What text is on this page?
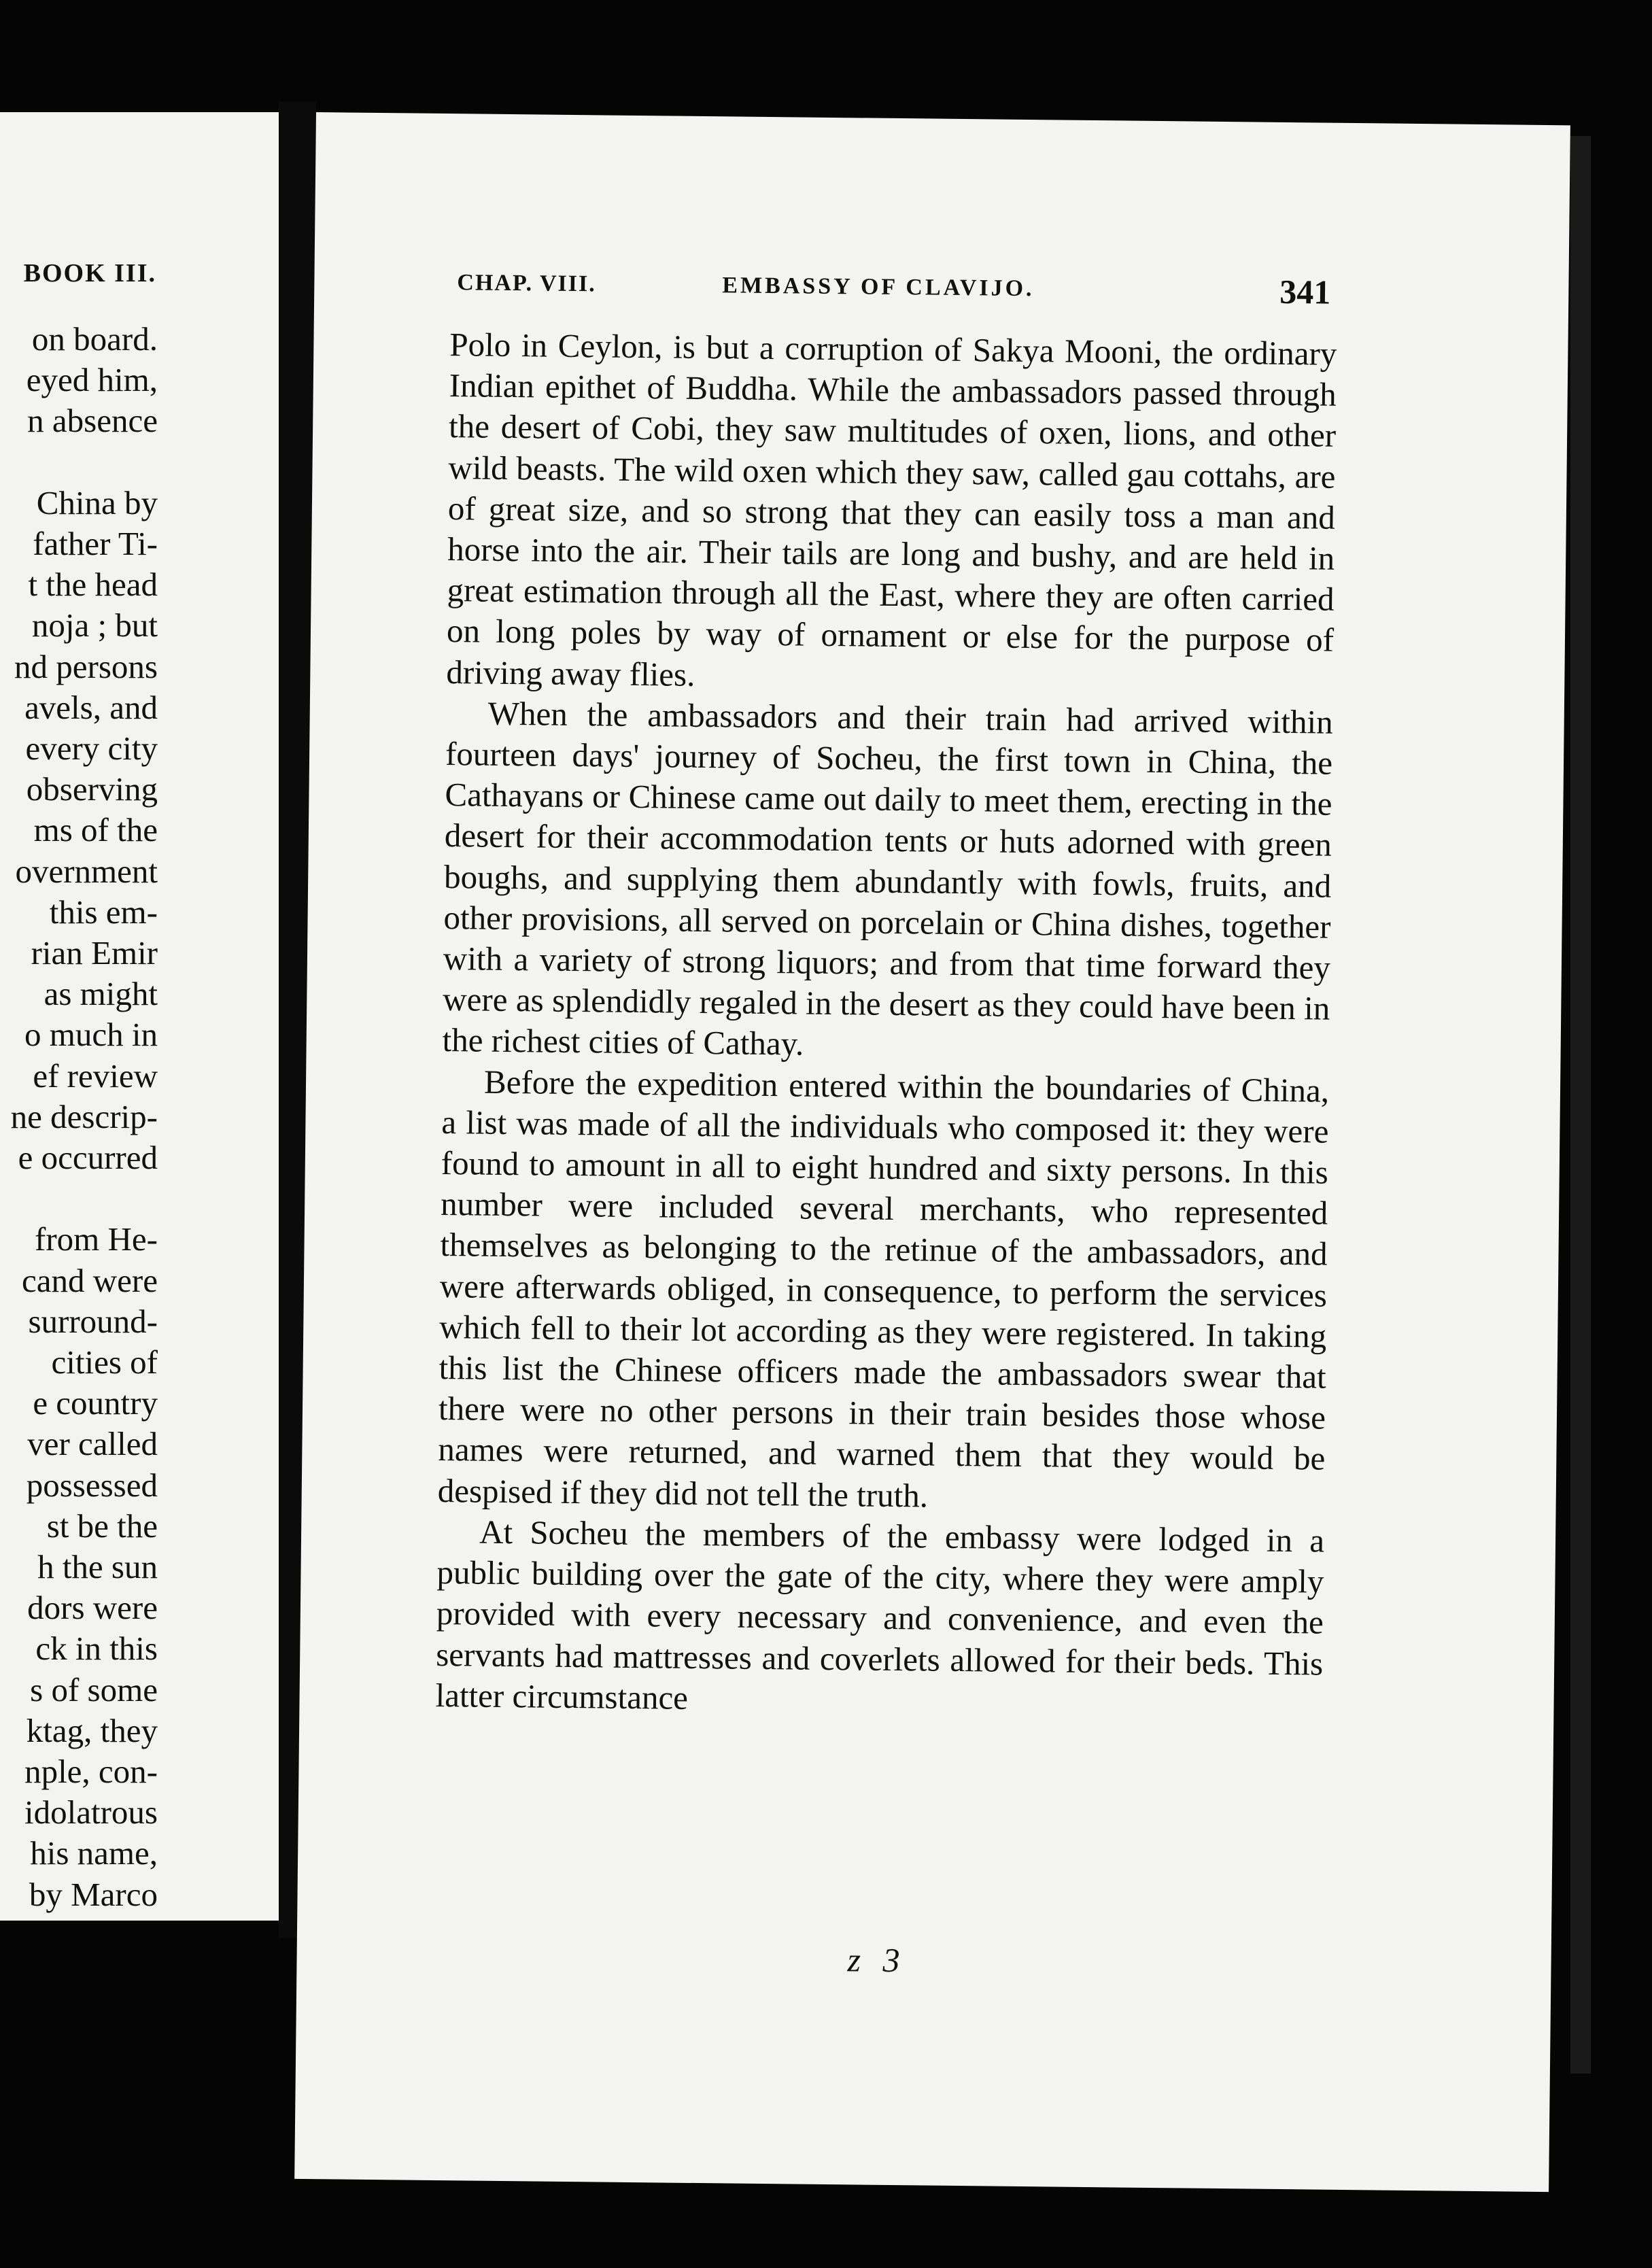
BOOK III.
on board.
eyed him,
n absence
China by
father Ti-
t the head
noja ; but
nd persons
avels, and
every city
observing
ms of the
overnment
this em-
rian Emir
as might
o much in
ef review
ne descrip-
e occurred
from He-
cand were
surround-
cities of
e country
ver called
possessed
st be the
h the sun
dors were
ck in this
s of some
ktag, they
nple, con-
idolatrous
his name,
by Marco
CHAP. VIII.	EMBASSY OF CLAVIJO.	341

Polo in Ceylon, is but a corruption of Sakya Mooni, the ordinary Indian epithet of Buddha. While the ambassadors passed through the desert of Cobi, they saw multitudes of oxen, lions, and other wild beasts. The wild oxen which they saw, called gau cottahs, are of great size, and so strong that they can easily toss a man and horse into the air. Their tails are long and bushy, and are held in great estimation through all the East, where they are often carried on long poles by way of ornament or else for the purpose of driving away flies.

When the ambassadors and their train had arrived within fourteen days' journey of Socheu, the first town in China, the Cathayans or Chinese came out daily to meet them, erecting in the desert for their accommodation tents or huts adorned with green boughs, and supplying them abundantly with fowls, fruits, and other provisions, all served on porcelain or China dishes, together with a variety of strong liquors; and from that time forward they were as splendidly regaled in the desert as they could have been in the richest cities of Cathay.

Before the expedition entered within the boundaries of China, a list was made of all the individuals who composed it: they were found to amount in all to eight hundred and sixty persons. In this number were included several merchants, who represented themselves as belonging to the retinue of the ambassadors, and were afterwards obliged, in consequence, to perform the services which fell to their lot according as they were registered. In taking this list the Chinese officers made the ambassadors swear that there were no other persons in their train besides those whose names were returned, and warned them that they would be despised if they did not tell the truth.

At Socheu the members of the embassy were lodged in a public building over the gate of the city, where they were amply provided with every necessary and convenience, and even the servants had mattresses and coverlets allowed for their beds. This latter circumstance

z 3
